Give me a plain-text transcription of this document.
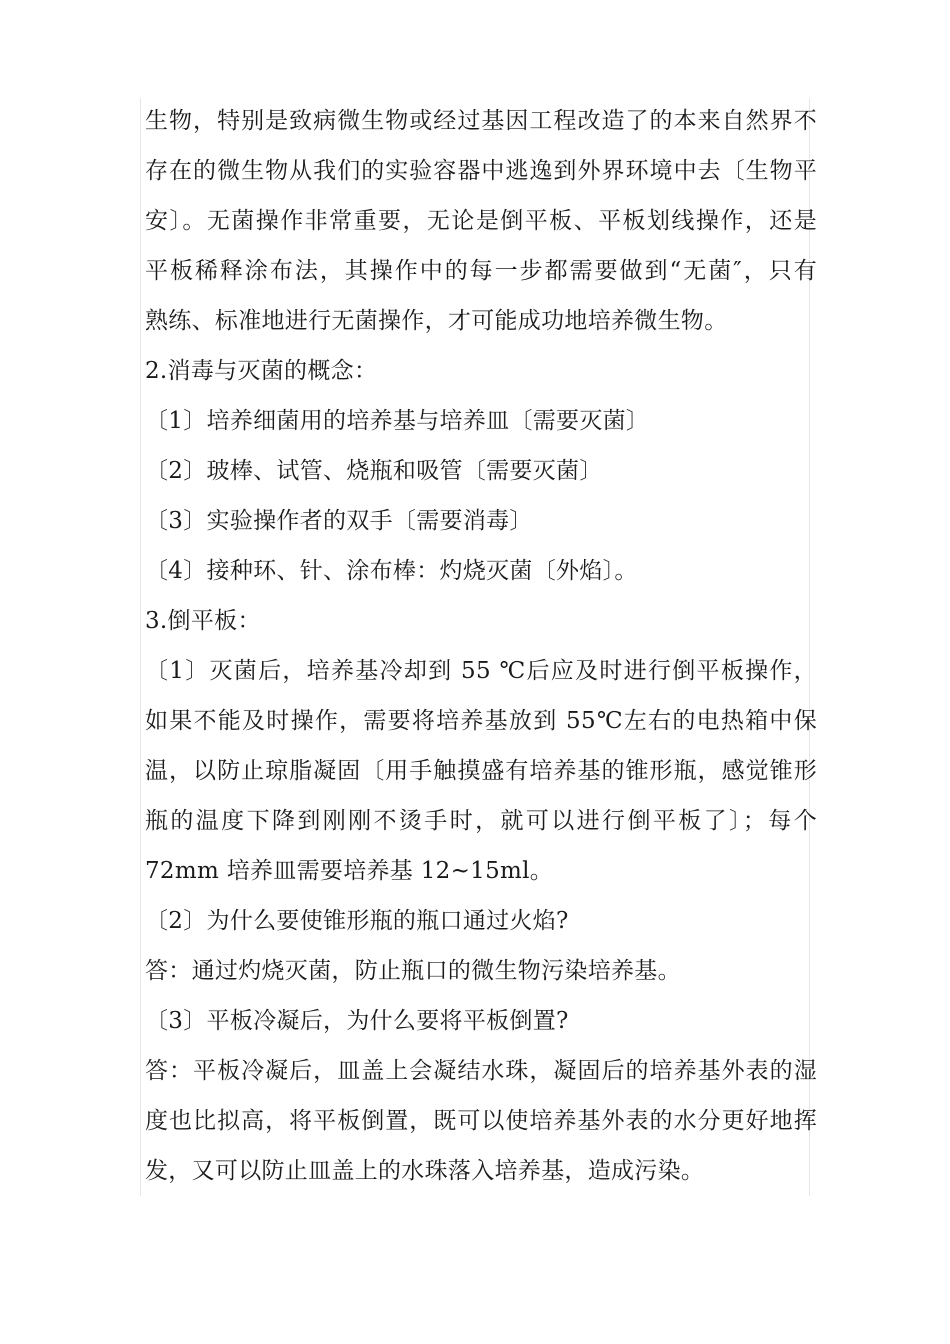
生物，特别是致病微生物或经过基因工程改造了的本来自然界不
存在的微生物从我们的实验容器中逃逸到外界环境中去〔生物平
安〕。无菌操作非常重要，无论是倒平板、平板划线操作，还是
平板稀释涂布法，其操作中的每一步都需要做到“无菌″，只有
熟练、标准地进行无菌操作，才可能成功地培养微生物。
2.消毒与灭菌的概念：
〔1〕培养细菌用的培养基与培养皿〔需要灭菌〕
〔2〕玻棒、试管、烧瓶和吸管〔需要灭菌〕
〔3〕实验操作者的双手〔需要消毒〕
〔4〕接种环、针、涂布棒：灼烧灭菌〔外焰〕。
3.倒平板：
〔1〕灭菌后，培养基冷却到 55 ℃后应及时进行倒平板操作，
如果不能及时操作，需要将培养基放到 55℃左右的电热箱中保
温，以防止琼脂凝固〔用手触摸盛有培养基的锥形瓶，感觉锥形
瓶的温度下降到刚刚不烫手时，就可以进行倒平板了〕；每个
72mm 培养皿需要培养基 12~15ml。
〔2〕为什么要使锥形瓶的瓶口通过火焰?
答：通过灼烧灭菌，防止瓶口的微生物污染培养基。
〔3〕平板冷凝后，为什么要将平板倒置?
答：平板冷凝后，皿盖上会凝结水珠，凝固后的培养基外表的湿
度也比拟高，将平板倒置，既可以使培养基外表的水分更好地挥
发，又可以防止皿盖上的水珠落入培养基，造成污染。
